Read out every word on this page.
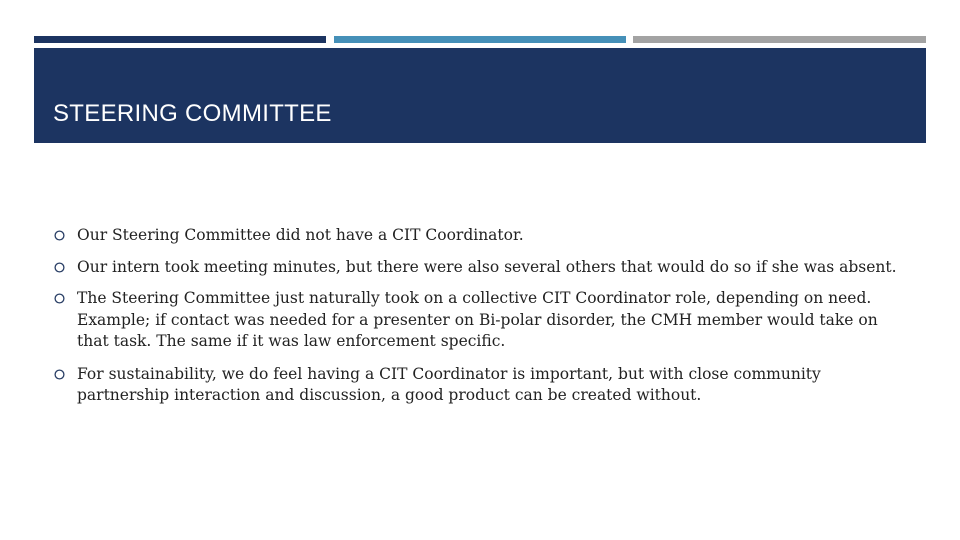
STEERING COMMITTEE
Our Steering Committee did not have a CIT Coordinator.
Our intern took meeting minutes, but there were also several others that would do so if she was absent.
The Steering Committee just naturally took on a collective CIT Coordinator role, depending on need. Example; if contact was needed for a presenter on Bi-polar disorder, the CMH member would take on that task. The same if it was law enforcement specific.
For sustainability, we do feel having a CIT Coordinator is important, but with close community partnership interaction and discussion, a good product can be created without.
